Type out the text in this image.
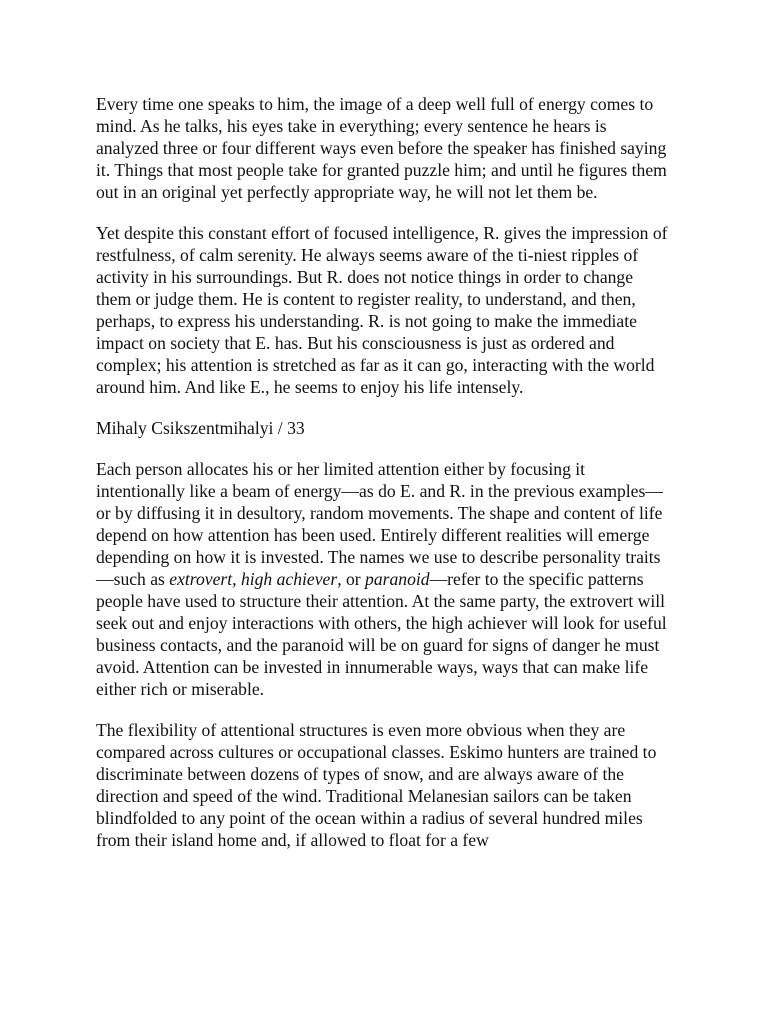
Every time one speaks to him, the image of a deep well full of energy comes to mind. As he talks, his eyes take in everything; every sentence he hears is analyzed three or four different ways even before the speaker has finished saying it. Things that most people take for granted puzzle him; and until he figures them out in an original yet perfectly appropriate way, he will not let them be.

Yet despite this constant effort of focused intelligence, R. gives the impression of restfulness, of calm serenity. He always seems aware of the ti-niest ripples of activity in his surroundings. But R. does not notice things in order to change them or judge them. He is content to register reality, to understand, and then, perhaps, to express his understanding. R. is not going to make the immediate impact on society that E. has. But his consciousness is just as ordered and complex; his attention is stretched as far as it can go, interacting with the world around him. And like E., he seems to enjoy his life intensely.

Mihaly Csikszentmihalyi / 33

Each person allocates his or her limited attention either by focusing it intentionally like a beam of energy—as do E. and R. in the previous examples—or by diffusing it in desultory, random movements. The shape and content of life depend on how attention has been used. Entirely different realities will emerge depending on how it is invested. The names we use to describe personality traits—such as extrovert, high achiever, or paranoid—refer to the specific patterns people have used to structure their attention. At the same party, the extrovert will seek out and enjoy interactions with others, the high achiever will look for useful business contacts, and the paranoid will be on guard for signs of danger he must avoid. Attention can be invested in innumerable ways, ways that can make life either rich or miserable.

The flexibility of attentional structures is even more obvious when they are compared across cultures or occupational classes. Eskimo hunters are trained to discriminate between dozens of types of snow, and are always aware of the direction and speed of the wind. Traditional Melanesian sailors can be taken blindfolded to any point of the ocean within a radius of several hundred miles from their island home and, if allowed to float for a few
